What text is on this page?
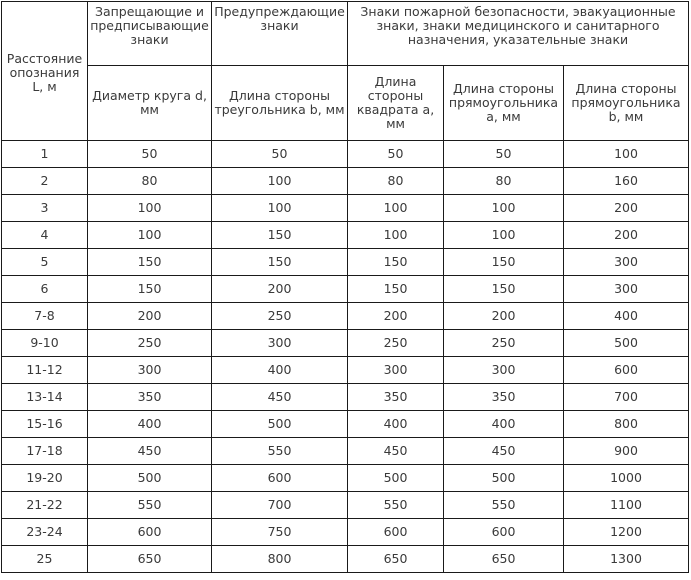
Расстояние опознания L, м	Запрещающие и предписывающие знаки	Предупреждающие знаки	Знаки пожарной безопасности, эвакуационные знаки, знаки медицинского и санитарного назначения, указательные знаки		
	Диаметр круга d, мм	Длина стороны треугольника b, мм	Длина стороны квадрата a, мм	Длина стороны прямоугольника a, мм	Длина стороны прямоугольника b, мм
1	50	50	50	50	100
2	80	100	80	80	160
3	100	100	100	100	200
4	100	150	100	100	200
5	150	150	150	150	300
6	150	200	150	150	300
7-8	200	250	200	200	400
9-10	250	300	250	250	500
11-12	300	400	300	300	600
13-14	350	450	350	350	700
15-16	400	500	400	400	800
17-18	450	550	450	450	900
19-20	500	600	500	500	1000
21-22	550	700	550	550	1100
23-24	600	750	600	600	1200
25	650	800	650	650	1300
